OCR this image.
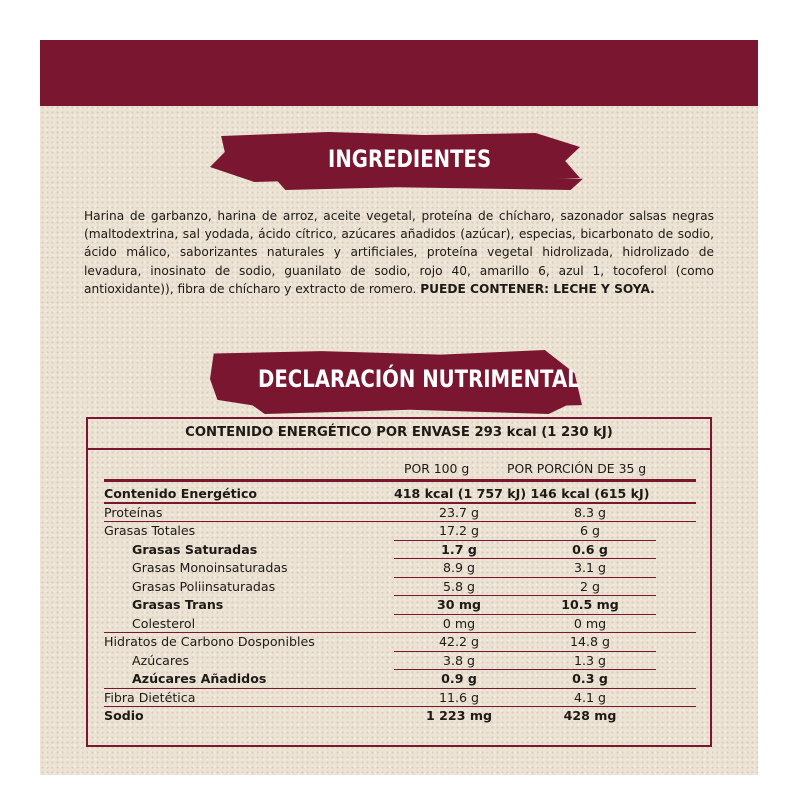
INGREDIENTES
Harina de garbanzo, harina de arroz, aceite vegetal, proteína de chícharo, sazonador salsas negras (maltodextrina, sal yodada, ácido cítrico, azúcares añadidos (azúcar), especias, bicarbonato de sodio, ácido málico, saborizantes naturales y artificiales, proteína vegetal hidrolizada, hidrolizado de levadura, inosinato de sodio, guanilato de sodio, rojo 40, amarillo 6, azul 1, tocoferol (como antioxidante)), fibra de chícharo y extracto de romero. PUEDE CONTENER: LECHE Y SOYA.
DECLARACIÓN NUTRIMENTAL
CONTENIDO ENERGÉTICO POR ENVASE 293 kcal (1 230 kJ)
POR 100 g	POR PORCIÓN DE 35 g
Contenido Energético	418 kcal (1 757 kJ) 146 kcal (615 kJ)
Proteínas	23.7 g	8.3 g
Grasas Totales	17.2 g	6 g
Grasas Saturadas	1.7 g	0.6 g
Grasas Monoinsaturadas	8.9 g	3.1 g
Grasas Poliinsaturadas	5.8 g	2 g
Grasas Trans	30 mg	10.5 mg
Colesterol	0 mg	0 mg
Hidratos de Carbono Dosponibles	42.2 g	14.8 g
Azúcares	3.8 g	1.3 g
Azúcares Añadidos	0.9 g	0.3 g
Fibra Dietética	11.6 g	4.1 g
Sodio	1 223 mg	428 mg
